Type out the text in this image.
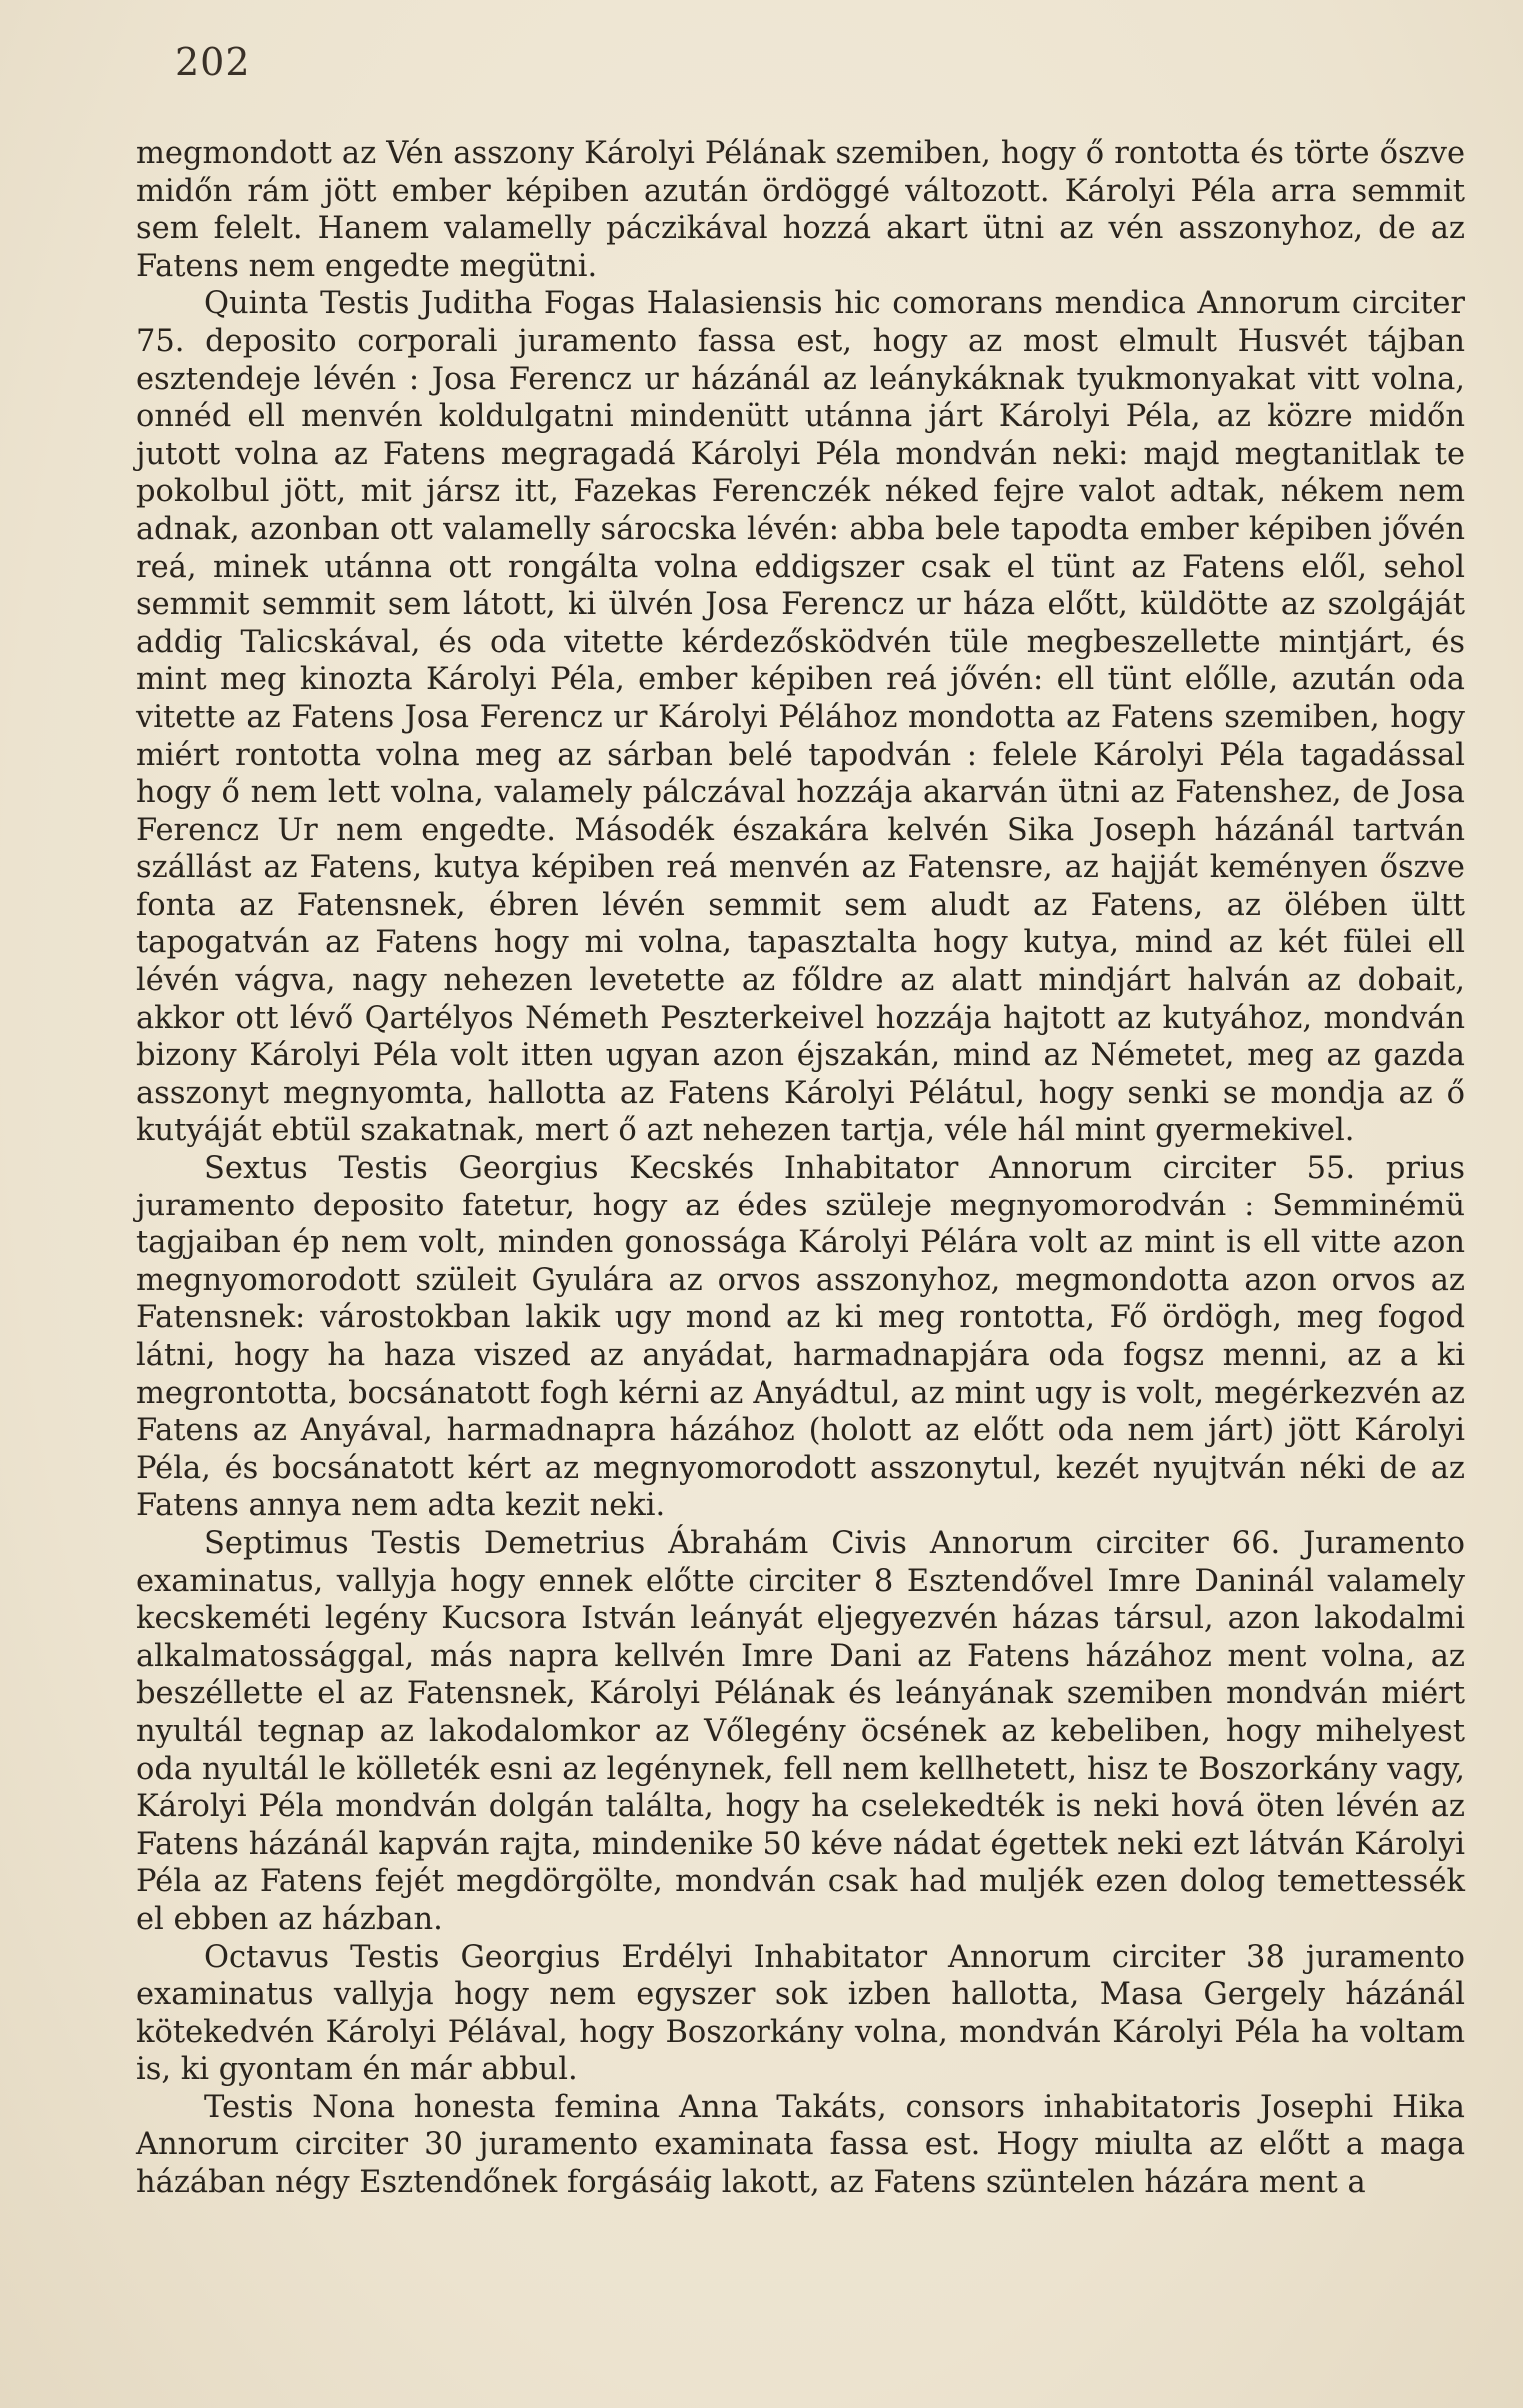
202

megmondott az Vén asszony Károlyi Pélának szemiben, hogy ő rontotta és törte őszve midőn rám jött ember képiben azután ördöggé változott. Károlyi Péla arra semmit sem felelt. Hanem valamelly páczikával hozzá akart ütni az vén asszonyhoz, de az Fatens nem engedte megütni.

Quinta Testis Juditha Fogas Halasiensis hic comorans mendica Annorum circiter 75. deposito corporali juramento fassa est, hogy az most elmult Husvét tájban esztendeje lévén : Josa Ferencz ur házánál az leánykáknak tyukmonyakat vitt volna, onnéd ell menvén koldulgatni mindenütt utánna járt Károlyi Péla, az közre midőn jutott volna az Fatens megragadá Károlyi Péla mondván neki: majd megtanitlak te pokolbul jött, mit jársz itt, Fazekas Ferenczék néked fejre valot adtak, nékem nem adnak, azonban ott valamelly sárocska lévén: abba bele tapodta ember képiben jővén reá, minek utánna ott rongálta volna eddigszer csak el tünt az Fatens elől, sehol semmit semmit sem látott, ki ülvén Josa Ferencz ur háza előtt, küldötte az szolgáját addig Talicskával, és oda vitette kérdezősködvén tüle megbeszellette mintjárt, és mint meg kinozta Károlyi Péla, ember képiben reá jővén: ell tünt előlle, azután oda vitette az Fatens Josa Ferencz ur Károlyi Pélához mondotta az Fatens szemiben, hogy miért rontotta volna meg az sárban belé tapodván : felele Károlyi Péla tagadással hogy ő nem lett volna, valamely pálczával hozzája akarván ütni az Fatenshez, de Josa Ferencz Ur nem engedte. Másodék északára kelvén Sika Joseph házánál tartván szállást az Fatens, kutya képiben reá menvén az Fatensre, az hajját keményen őszve fonta az Fatensnek, ébren lévén semmit sem aludt az Fatens, az ölében ültt tapogatván az Fatens hogy mi volna, tapasztalta hogy kutya, mind az két fülei ell lévén vágva, nagy nehezen levetette az főldre az alatt mindjárt halván az dobait, akkor ott lévő Qartélyos Németh Peszterkeivel hozzája hajtott az kutyához, mondván bizony Károlyi Péla volt itten ugyan azon éjszakán, mind az Németet, meg az gazda asszonyt megnyomta, hallotta az Fatens Károlyi Pélátul, hogy senki se mondja az ő kutyáját ebtül szakatnak, mert ő azt nehezen tartja, véle hál mint gyermekivel.

Sextus Testis Georgius Kecskés Inhabitator Annorum circiter 55. prius juramento deposito fatetur, hogy az édes szüleje megnyomorodván : Semminémü tagjaiban ép nem volt, minden gonossága Károlyi Pélára volt az mint is ell vitte azon megnyomorodott szüleit Gyulára az orvos asszonyhoz, megmondotta azon orvos az Fatensnek: várostokban lakik ugy mond az ki meg rontotta, Fő ördögh, meg fogod látni, hogy ha haza viszed az anyádat, harmadnapjára oda fogsz menni, az a ki megrontotta, bocsánatott fogh kérni az Anyádtul, az mint ugy is volt, megérkezvén az Fatens az Anyával, harmadnapra házához (holott az előtt oda nem járt) jött Károlyi Péla, és bocsánatott kért az megnyomorodott asszonytul, kezét nyujtván néki de az Fatens annya nem adta kezit neki.

Septimus Testis Demetrius Ábrahám Civis Annorum circiter 66. Juramento examinatus, vallyja hogy ennek előtte circiter 8 Esztendővel Imre Daninál valamely kecskeméti legény Kucsora István leányát eljegyezvén házas társul, azon lakodalmi alkalmatossággal, más napra kellvén Imre Dani az Fatens házához ment volna, az beszéllette el az Fatensnek, Károlyi Pélának és leányának szemiben mondván miért nyultál tegnap az lakodalomkor az Vőlegény öcsének az kebeliben, hogy mihelyest oda nyultál le kölleték esni az legénynek, fell nem kellhetett, hisz te Boszorkány vagy, Károlyi Péla mondván dolgán találta, hogy ha cselekedték is neki hová öten lévén az Fatens házánál kapván rajta, mindenike 50 kéve nádat égettek neki ezt látván Károlyi Péla az Fatens fejét megdörgölte, mondván csak had muljék ezen dolog temettessék el ebben az házban.

Octavus Testis Georgius Erdélyi Inhabitator Annorum circiter 38 juramento examinatus vallyja hogy nem egyszer sok izben hallotta, Masa Gergely házánál kötekedvén Károlyi Pélával, hogy Boszorkány volna, mondván Károlyi Péla ha voltam is, ki gyontam én már abbul.

Testis Nona honesta femina Anna Takáts, consors inhabitatoris Josephi Hika Annorum circiter 30 juramento examinata fassa est. Hogy miulta az előtt a maga házában négy Esztendőnek forgásáig lakott, az Fatens szüntelen házára ment a
